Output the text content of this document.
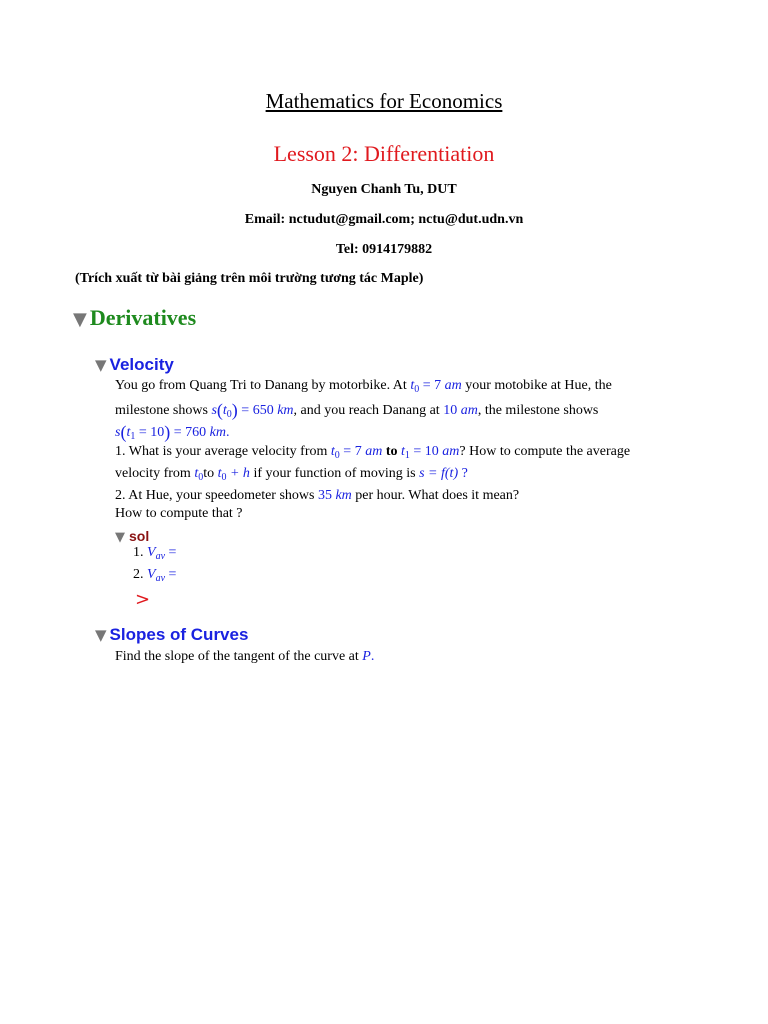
Mathematics for Economics
Lesson 2: Differentiation
Nguyen Chanh Tu, DUT
Email: nctudut@gmail.com; nctu@dut.udn.vn
Tel: 0914179882
(Trích xuất từ bài giảng trên môi trường tương tác Maple)
▼ Derivatives
▼ Velocity
You go from Quang Tri to Danang by motorbike. At $t_0 = 7$ am your motobike at Hue, the
milestone shows $s(t_0) = 650$ km, and you reach Danang at 10 am, the milestone shows
$s(t_1 = 10) = 760$ km.
1. What is your average velocity from $t_0 = 7$ am to $t_1 = 10$ am? How to compute the average
velocity from $t_0to$ $t_0 + h$ if your function of moving is s = f(t) ?
2. At Hue, your speedometer shows 35 km per hour. What does it mean?
How to compute that ?
▼ sol
1. $V_{av}$ =
2. $V_{av}$ =
>
▼ Slopes of Curves
Find the slope of the tangent of the curve at P.
